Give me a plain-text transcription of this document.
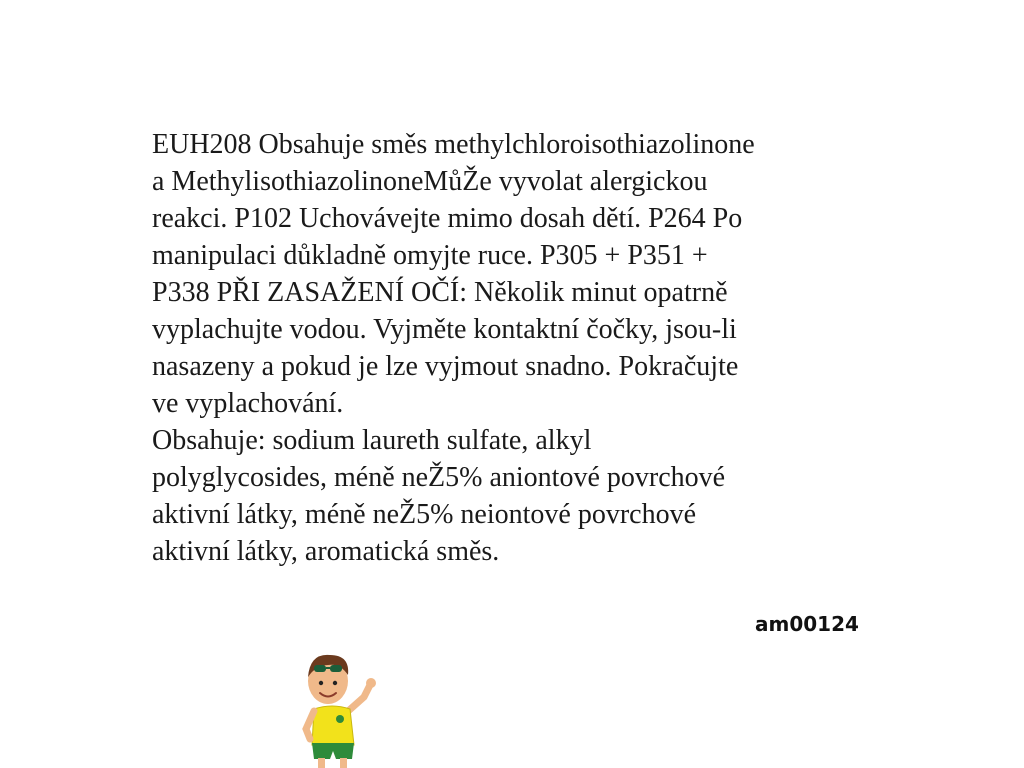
EUH208 Obsahuje směs methylchloroisothiazolinone
a MethylisothiazolinoneMůŽe vyvolat alergickou
reakci. P102 Uchovávejte mimo dosah dětí. P264 Po
manipulaci důkladně omyjte ruce. P305 + P351 +
P338 PŘI ZASAŽENÍ OČÍ: Několik minut opatrně
vyplachujte vodou. Vyjměte kontaktní čočky, jsou-li
nasazeny a pokud je lze vyjmout snadno. Pokračujte
ve vyplachování.

Obsahuje: sodium laureth sulfate, alkyl
polyglycosides, méně neŽ5% aniontové povrchové
aktivní látky, méně neŽ5% neiontové povrchové
aktivní látky, aromatická směs.

am00124
